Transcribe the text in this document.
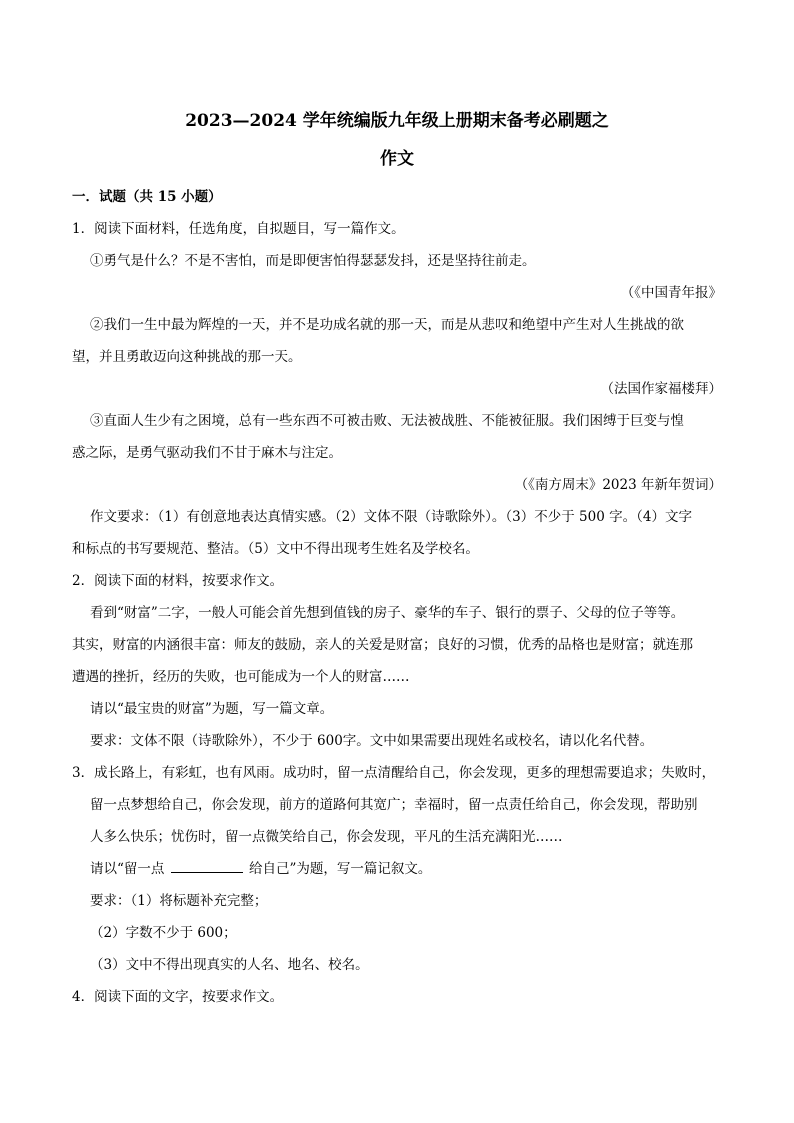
2023—2024 学年统编版九年级上册期末备考必刷题之
作文
一．试题（共 15 小题）
1．阅读下面材料，任选角度，自拟题目，写一篇作文。
①勇气是什么？不是不害怕，而是即便害怕得瑟瑟发抖，还是坚持往前走。
（《中国青年报》
②我们一生中最为辉煌的一天，并不是功成名就的那一天，而是从悲叹和绝望中产生对人生挑战的欲
望，并且勇敢迈向这种挑战的那一天。
（法国作家福楼拜）
③直面人生少有之困境，总有一些东西不可被击败、无法被战胜、不能被征服。我们困缚于巨变与惶
惑之际，是勇气驱动我们不甘于麻木与注定。
（《南方周末》2023 年新年贺词）
作文要求：（1）有创意地表达真情实感。（2）文体不限（诗歌除外）。（3）不少于 500 字。（4）文字
和标点的书写要规范、整洁。（5）文中不得出现考生姓名及学校名。
2．阅读下面的材料，按要求作文。
看到“财富”二字，一般人可能会首先想到值钱的房子、豪华的车子、银行的票子、父母的位子等等。
其实，财富的内涵很丰富：师友的鼓励，亲人的关爱是财富；良好的习惯，优秀的品格也是财富；就连那
遭遇的挫折，经历的失败，也可能成为一个人的财富……
请以“最宝贵的财富”为题，写一篇文章。
要求：文体不限（诗歌除外），不少于 600字。文中如果需要出现姓名或校名，请以化名代替。
3．成长路上，有彩虹，也有风雨。成功时，留一点清醒给自己，你会发现，更多的理想需要追求；失败时，
留一点梦想给自己，你会发现，前方的道路何其宽广；幸福时，留一点责任给自己，你会发现，帮助别
人多么快乐；忧伤时，留一点微笑给自己，你会发现，平凡的生活充满阳光……
请以“留一点	给自己”为题，写一篇记叙文。
要求：（1）将标题补充完整；
（2）字数不少于 600；
（3）文中不得出现真实的人名、地名、校名。
4．阅读下面的文字，按要求作文。
